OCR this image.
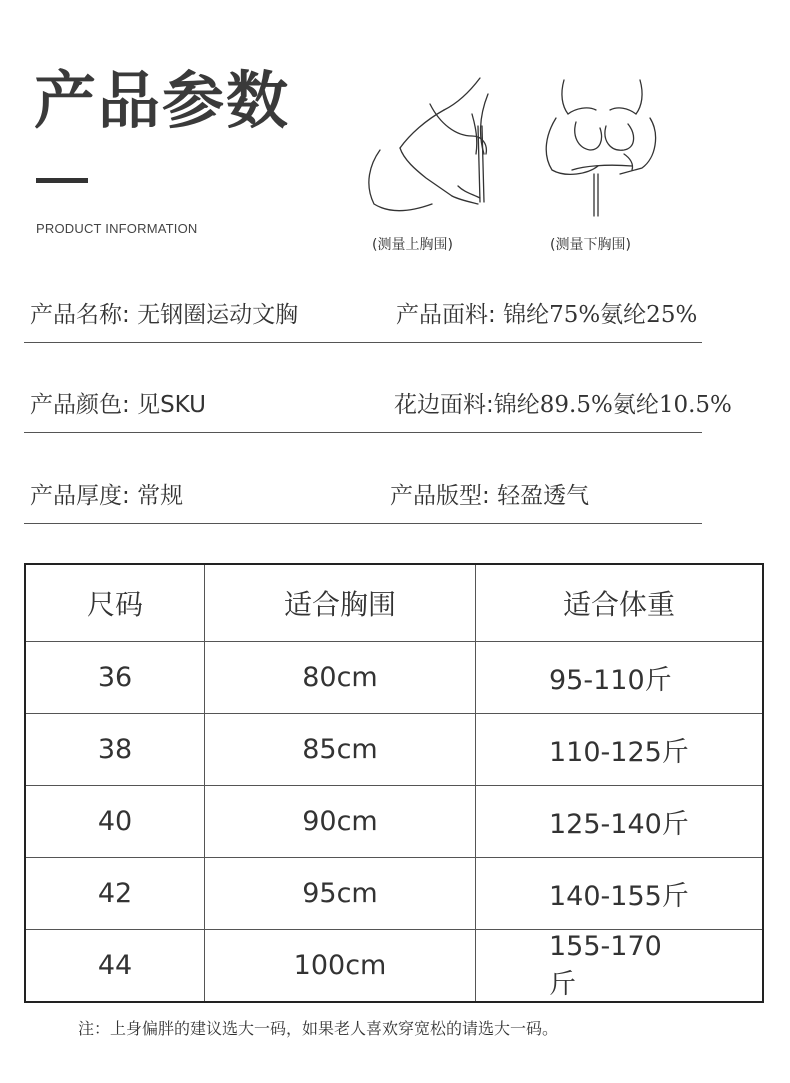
产品参数
PRODUCT INFORMATION
(测量上胸围)	(测量下胸围)
产品名称: 无钢圈运动文胸	产品面料: 锦纶75%氨纶25%
产品颜色: 见SKU	花边面料:锦纶89.5%氨纶10.5%
产品厚度: 常规	产品版型: 轻盈透气
尺码	适合胸围	适合体重
36	80cm	95-110斤
38	85cm	110-125斤
40	90cm	125-140斤
42	95cm	140-155斤
44	100cm	155-170 斤
注：上身偏胖的建议选大一码，如果老人喜欢穿宽松的请选大一码。
